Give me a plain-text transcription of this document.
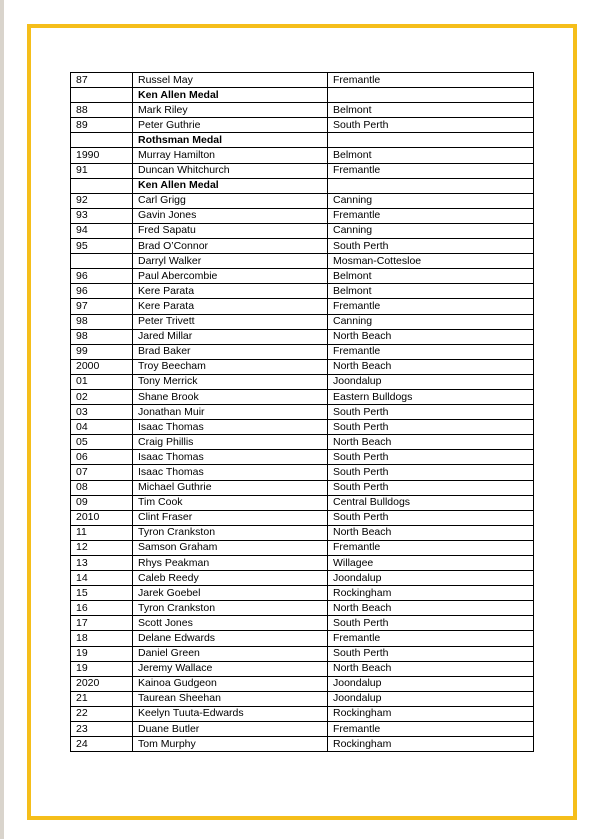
87	Russel May	Fremantle
	Ken Allen Medal	
88	Mark Riley	Belmont
89	Peter Guthrie	South Perth
	Rothsman Medal	
1990	Murray Hamilton	Belmont
91	Duncan Whitchurch	Fremantle
	Ken Allen Medal	
92	Carl Grigg	Canning
93	Gavin Jones	Fremantle
94	Fred Sapatu	Canning
95	Brad O’Connor	South Perth
	Darryl Walker	Mosman-Cottesloe
96	Paul Abercombie	Belmont
96	Kere Parata	Belmont
97	Kere Parata	Fremantle
98	Peter Trivett	Canning
98	Jared Millar	North Beach
99	Brad Baker	Fremantle
2000	Troy Beecham	North Beach
01	Tony Merrick	Joondalup
02	Shane Brook	Eastern Bulldogs
03	Jonathan Muir	South Perth
04	Isaac Thomas	South Perth
05	Craig Phillis	North Beach
06	Isaac Thomas	South Perth
07	Isaac Thomas	South Perth
08	Michael Guthrie	South Perth
09	Tim Cook	Central Bulldogs
2010	Clint Fraser	South Perth
11	Tyron Crankston	North Beach
12	Samson Graham	Fremantle
13	Rhys Peakman	Willagee
14	Caleb Reedy	Joondalup
15	Jarek Goebel	Rockingham
16	Tyron Crankston	North Beach
17	Scott Jones	South Perth
18	Delane Edwards	Fremantle
19	Daniel Green	South Perth
19	Jeremy Wallace	North Beach
2020	Kainoa Gudgeon	Joondalup
21	Taurean Sheehan	Joondalup
22	Keelyn Tuuta-Edwards	Rockingham
23	Duane Butler	Fremantle
24	Tom Murphy	Rockingham
